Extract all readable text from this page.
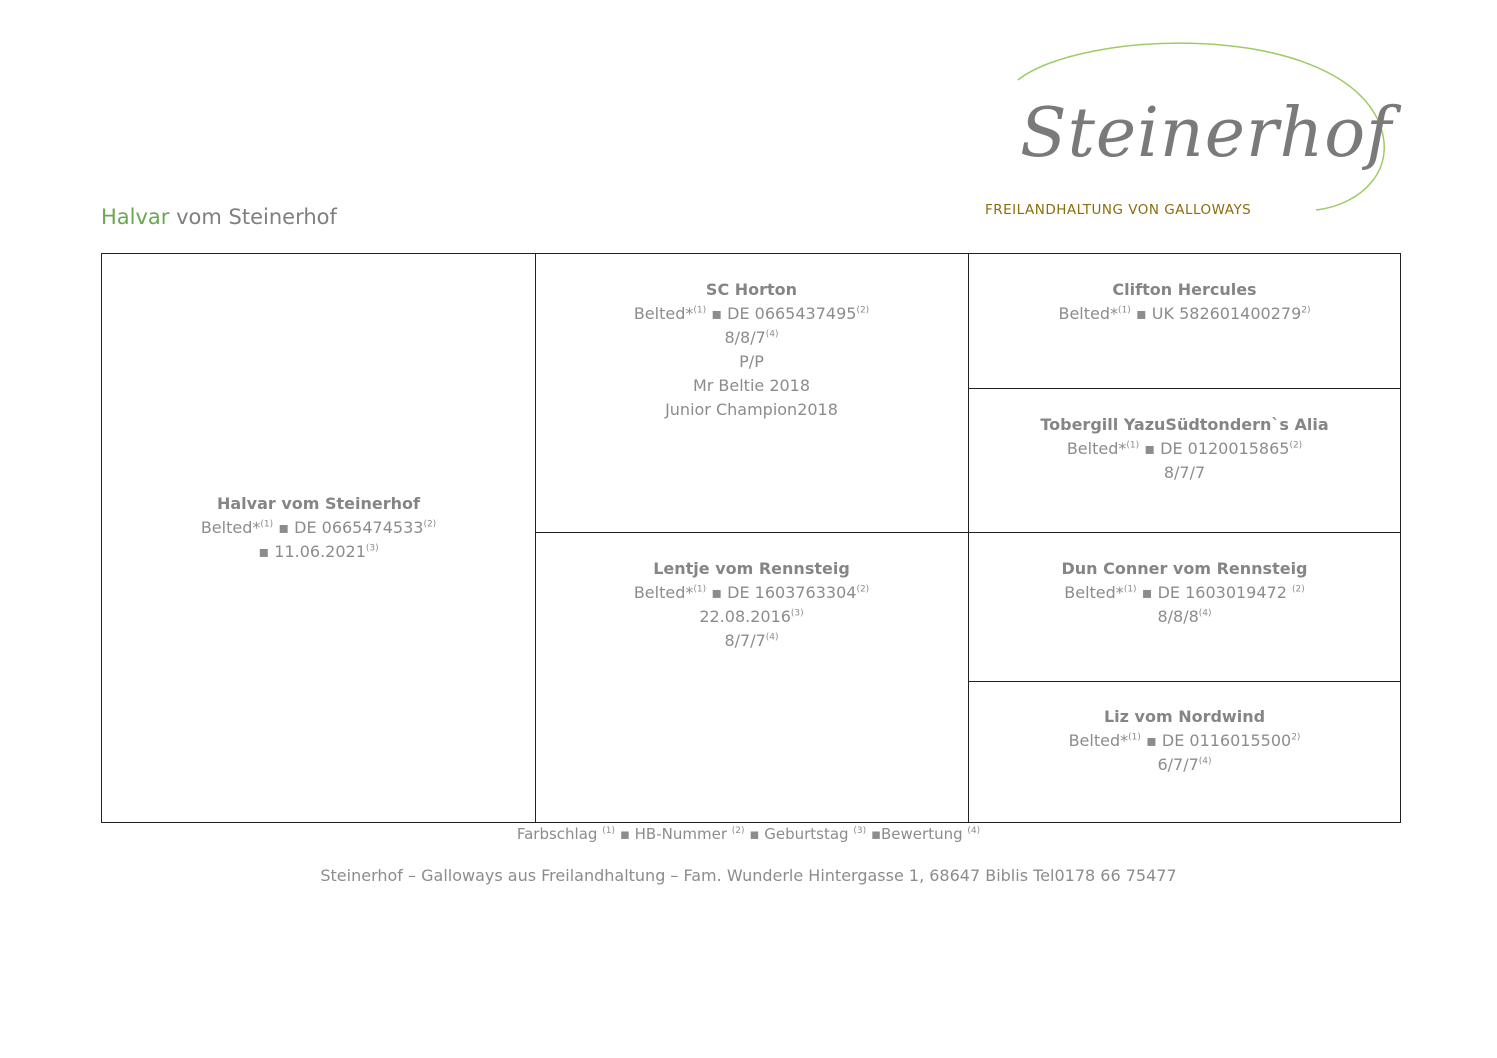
Steinerhof
FREILANDHALTUNG VON GALLOWAYS
Halvar vom Steinerhof
Halvar vom Steinerhof
Belted*$^{(1)}$ ▪ DE 0665474533$^{(2)}$
▪ 11.06.2021$^{(3)}$
SC Horton
Belted*$^{(1)}$ ▪ DE 0665437495$^{(2)}$
8/8/7$^{(4)}$
P/P
Mr Beltie 2018
Junior Champion2018
Lentje vom Rennsteig
Belted*$^{(1)}$ ▪ DE 1603763304$^{(2)}$
22.08.2016$^{(3)}$
8/7/7$^{(4)}$
Clifton Hercules
Belted*$^{(1)}$ ▪ UK 582601400279$^{2)}$
Tobergill YazuSüdtondern`s Alia
Belted*$^{(1)}$ ▪ DE 0120015865$^{(2)}$
8/7/7
Dun Conner vom Rennsteig
Belted*$^{(1)}$ ▪ DE 1603019472 $^{(2)}$
8/8/8$^{(4)}$
Liz vom Nordwind
Belted*$^{(1)}$ ▪ DE 0116015500$^{2)}$
6/7/7$^{(4)}$
Farbschlag $^{(1)}$ ▪ HB-Nummer $^{(2)}$ ▪ Geburtstag $^{(3)}$ ▪Bewertung $^{(4)}$
Steinerhof – Galloways aus Freilandhaltung – Fam. Wunderle Hintergasse 1, 68647 Biblis Tel0178 66 75477
